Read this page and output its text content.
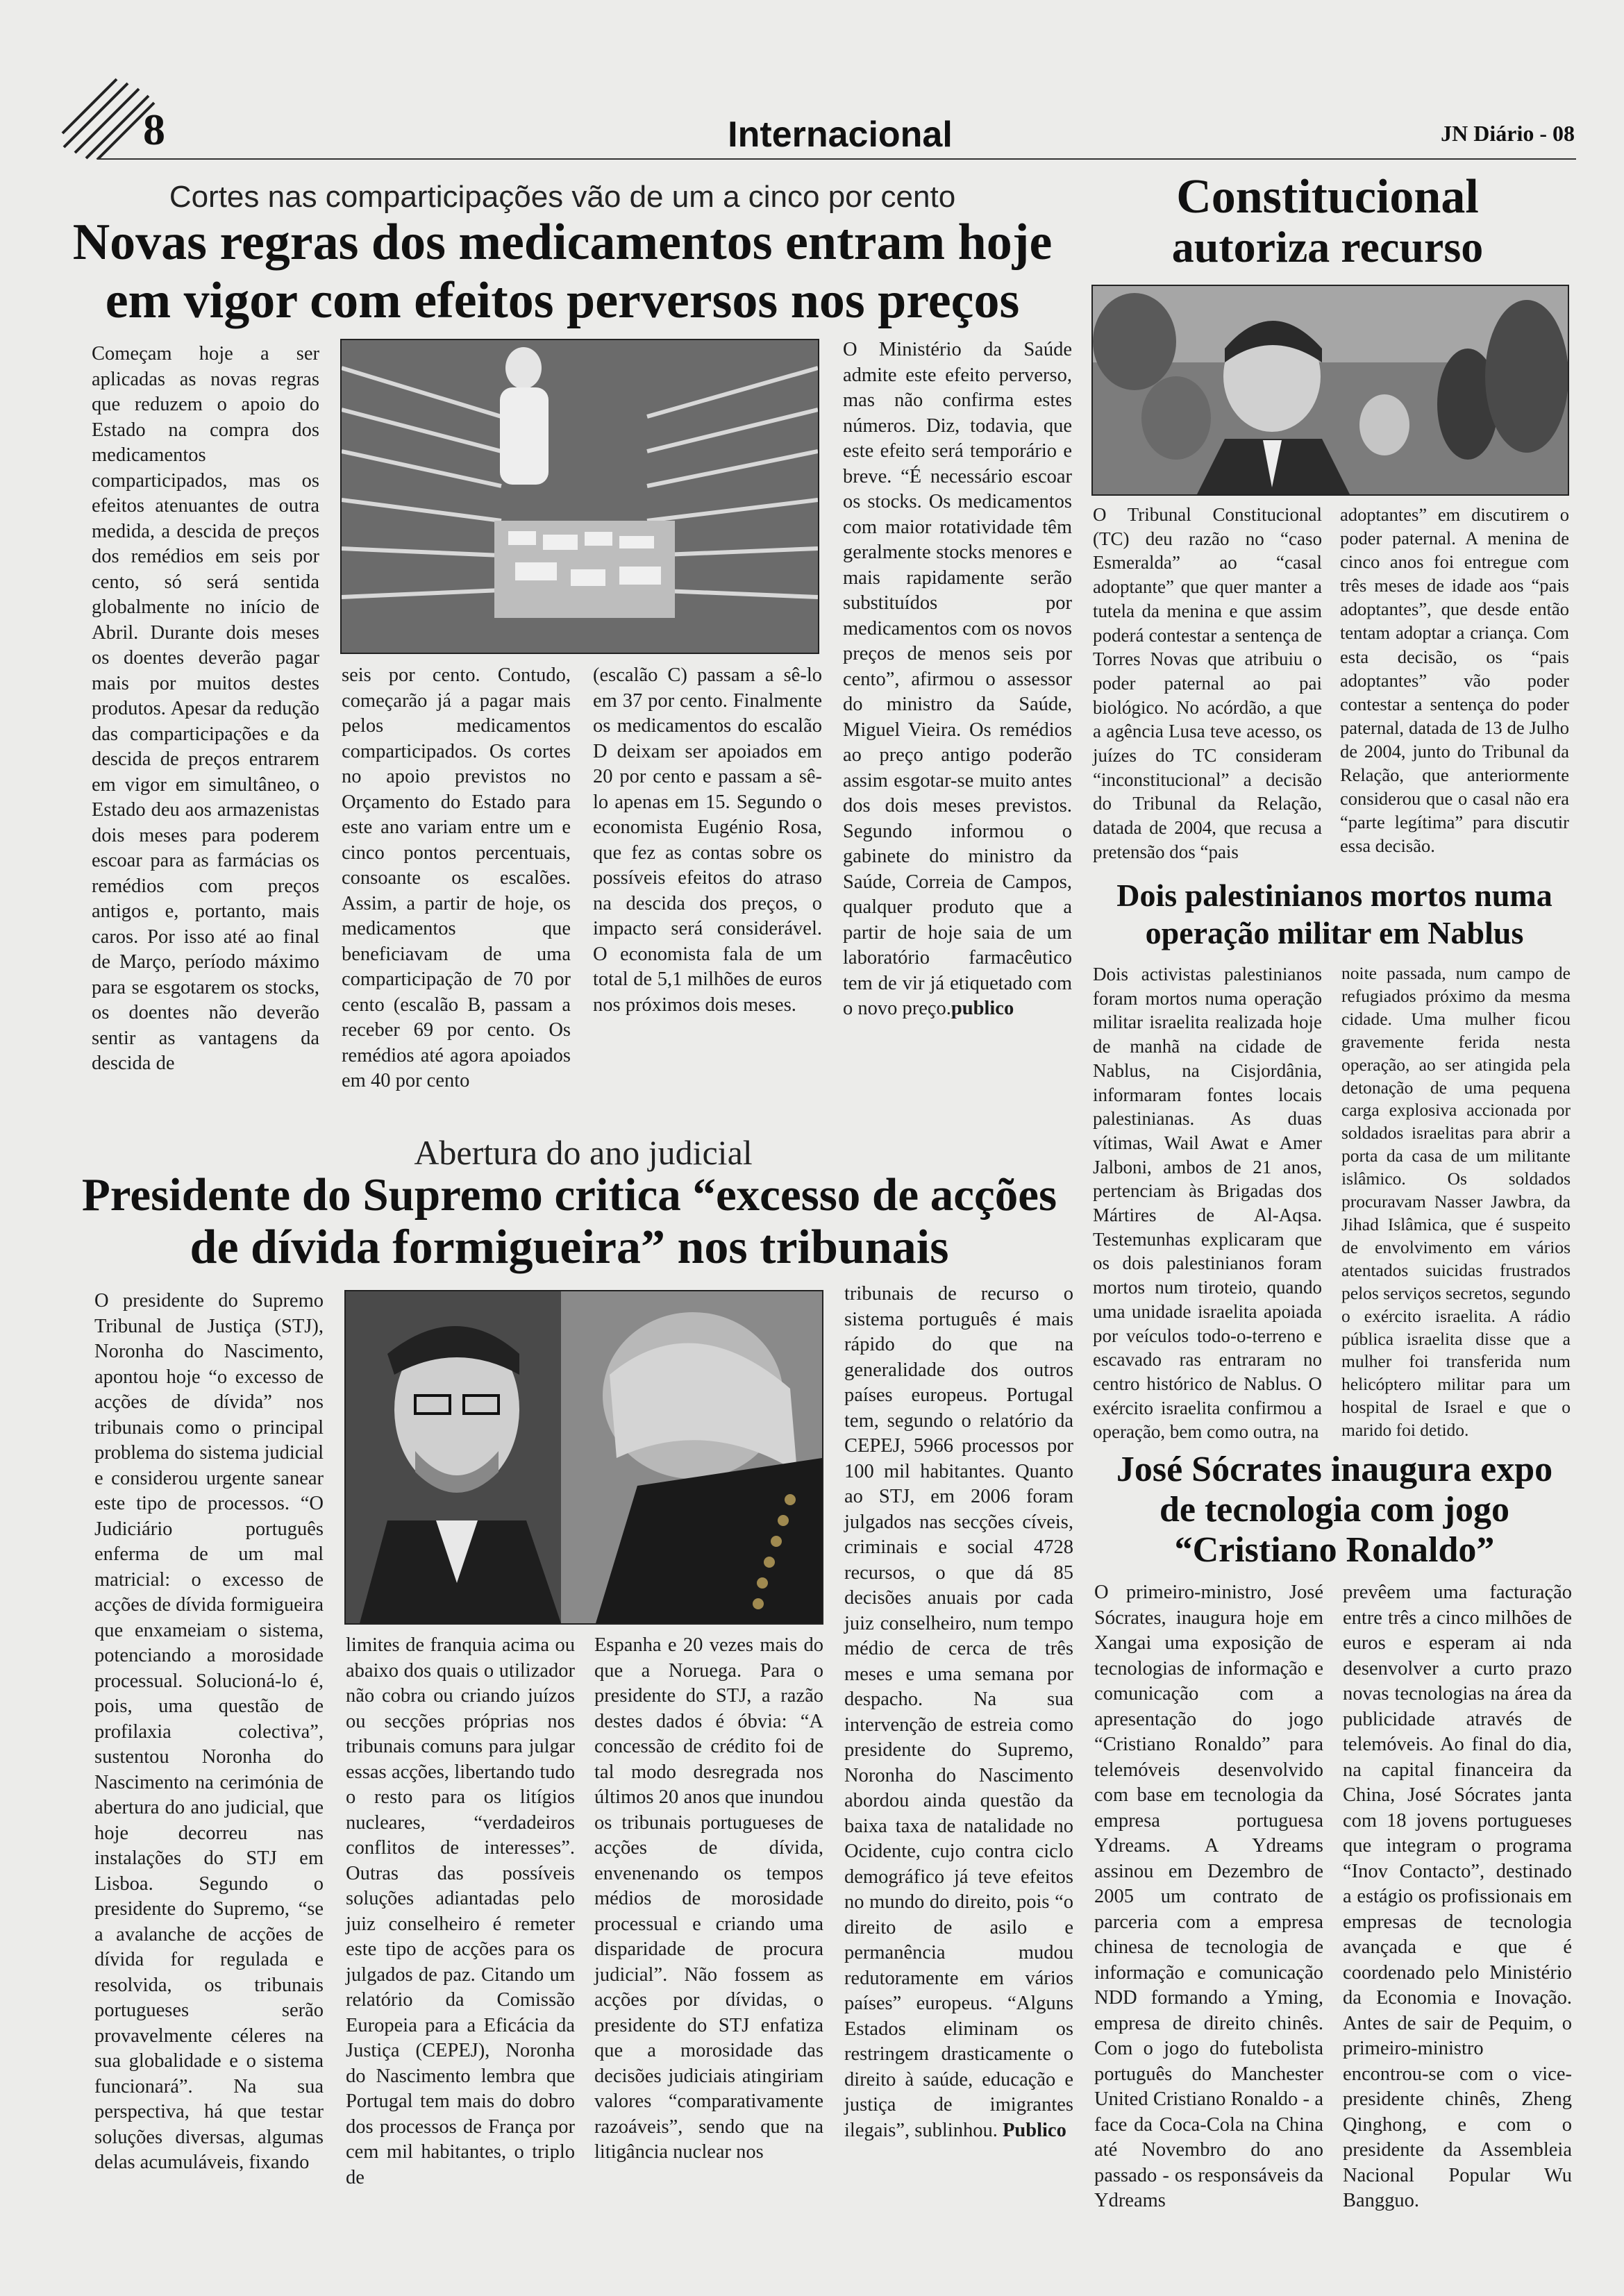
8	Internacional	JN Diário - 08
Cortes nas comparticipações vão de um a cinco por cento
Novas regras dos medicamentos entram hoje
em vigor com efeitos perversos nos preços
Começam hoje a ser aplicadas as novas regras que reduzem o apoio do Estado na compra dos medicamentos comparticipados, mas os efeitos atenuantes de outra medida, a descida de preços dos remédios em seis por cento, só será sentida globalmente no início de Abril. Durante dois meses os doentes deverão pagar mais por muitos destes produtos. Apesar da redução das comparticipações e da descida de preços entrarem em vigor em simultâneo, o Estado deu aos armazenistas dois meses para poderem escoar para as farmácias os remédios com preços antigos e, portanto, mais caros. Por isso até ao final de Março, período máximo para se esgotarem os stocks, os doentes não deverão sentir as vantagens da descida de
seis por cento. Contudo, começarão já a pagar mais pelos medicamentos comparticipados. Os cortes no apoio previstos no Orçamento do Estado para este ano variam entre um e cinco pontos percentuais, consoante os escalões. Assim, a partir de hoje, os medicamentos que beneficiavam de uma comparticipação de 70 por cento (escalão B, passam a receber 69 por cento. Os remédios até agora apoiados em 40 por cento
(escalão C) passam a sê-lo em 37 por cento. Finalmente os medicamentos do escalão D deixam ser apoiados em 20 por cento e passam a sê-lo apenas em 15. Segundo o economista Eugénio Rosa, que fez as contas sobre os possíveis efeitos do atraso na descida dos preços, o impacto será considerável. O economista fala de um total de 5,1 milhões de euros nos próximos dois meses.
O Ministério da Saúde admite este efeito perverso, mas não confirma estes números. Diz, todavia, que este efeito será temporário e breve. “É necessário escoar os stocks. Os medicamentos com maior rotatividade têm geralmente stocks menores e mais rapidamente serão substituídos por medicamentos com os novos preços de menos seis por cento”, afirmou o assessor do ministro da Saúde, Miguel Vieira. Os remédios ao preço antigo poderão assim esgotar-se muito antes dos dois meses previstos. Segundo informou o gabinete do ministro da Saúde, Correia de Campos, qualquer produto que a partir de hoje saia de um laboratório farmacêutico tem de vir já etiquetado com o novo preço.publico
Abertura do ano judicial
Presidente do Supremo critica “excesso de acções
de dívida formigueira” nos tribunais
O presidente do Supremo Tribunal de Justiça (STJ), Noronha do Nascimento, apontou hoje “o excesso de acções de dívida” nos tribunais como o principal problema do sistema judicial e considerou urgente sanear este tipo de processos. “O Judiciário português enferma de um mal matricial: o excesso de acções de dívida formigueira que enxameiam o sistema, potenciando a morosidade processual. Solucioná-lo é, pois, uma questão de profilaxia colectiva”, sustentou Noronha do Nascimento na cerimónia de abertura do ano judicial, que hoje decorreu nas instalações do STJ em Lisboa. Segundo o presidente do Supremo, “se a avalanche de acções de dívida for regulada e resolvida, os tribunais portugueses serão provavelmente céleres na sua globalidade e o sistema funcionará”. Na sua perspectiva, há que testar soluções diversas, algumas delas acumuláveis, fixando
limites de franquia acima ou abaixo dos quais o utilizador não cobra ou criando juízos ou secções próprias nos tribunais comuns para julgar essas acções, libertando tudo o resto para os litígios nucleares, “verdadeiros conflitos de interesses”. Outras das possíveis soluções adiantadas pelo juiz conselheiro é remeter este tipo de acções para os julgados de paz. Citando um relatório da Comissão Europeia para a Eficácia da Justiça (CEPEJ), Noronha do Nascimento lembra que Portugal tem mais do dobro dos processos de França por cem mil habitantes, o triplo de
Espanha e 20 vezes mais do que a Noruega. Para o presidente do STJ, a razão destes dados é óbvia: “A concessão de crédito foi de tal modo desregrada nos últimos 20 anos que inundou os tribunais portugueses de acções de dívida, envenenando os tempos médios de morosidade processual e criando uma disparidade de procura judicial”. Não fossem as acções por dívidas, o presidente do STJ enfatiza que a morosidade das decisões judiciais atingiriam valores “comparativamente razoáveis”, sendo que na litigância nuclear nos
tribunais de recurso o sistema português é mais rápido do que na generalidade dos outros países europeus. Portugal tem, segundo o relatório da CEPEJ, 5966 processos por 100 mil habitantes. Quanto ao STJ, em 2006 foram julgados nas secções cíveis, criminais e social 4728 recursos, o que dá 85 decisões anuais por cada juiz conselheiro, num tempo médio de cerca de três meses e uma semana por despacho. Na sua intervenção de estreia como presidente do Supremo, Noronha do Nascimento abordou ainda questão da baixa taxa de natalidade no Ocidente, cujo contra ciclo demográfico já teve efeitos no mundo do direito, pois “o direito de asilo e permanência mudou redutoramente em vários países” europeus. “Alguns Estados eliminam os restringem drasticamente o direito à saúde, educação e justiça de imigrantes ilegais”, sublinhou. Publico
Constitucional
autoriza recurso
O Tribunal Constitucional (TC) deu razão no “caso Esmeralda” ao “casal adoptante” que quer manter a tutela da menina e que assim poderá contestar a sentença de Torres Novas que atribuiu o poder paternal ao pai biológico. No acórdão, a que a agência Lusa teve acesso, os juízes do TC consideram “inconstitucional” a decisão do Tribunal da Relação, datada de 2004, que recusa a pretensão dos “pais
adoptantes” em discutirem o poder paternal. A menina de cinco anos foi entregue com três meses de idade aos “pais adoptantes”, que desde então tentam adoptar a criança. Com esta decisão, os “pais adoptantes” vão poder contestar a sentença do poder paternal, datada de 13 de Julho de 2004, junto do Tribunal da Relação, que anteriormente considerou que o casal não era “parte legítima” para discutir essa decisão.
Dois palestinianos mortos numa
operação militar em Nablus
Dois activistas palestinianos foram mortos numa operação militar israelita realizada hoje de manhã na cidade de Nablus, na Cisjordânia, informaram fontes locais palestinianas. As duas vítimas, Wail Awat e Amer Jalboni, ambos de 21 anos, pertenciam às Brigadas dos Mártires de Al-Aqsa. Testemunhas explicaram que os dois palestinianos foram mortos num tiroteio, quando uma unidade israelita apoiada por veículos todo-o-terreno e escavado ras entraram no centro histórico de Nablus. O exército israelita confirmou a operação, bem como outra, na
noite passada, num campo de refugiados próximo da mesma cidade. Uma mulher ficou gravemente ferida nesta operação, ao ser atingida pela detonação de uma pequena carga explosiva accionada por soldados israelitas para abrir a porta da casa de um militante islâmico. Os soldados procuravam Nasser Jawbra, da Jihad Islâmica, que é suspeito de envolvimento em vários atentados suicidas frustrados pelos serviços secretos, segundo o exército israelita. A rádio pública israelita disse que a mulher foi transferida num helicóptero militar para um hospital de Israel e que o marido foi detido.
José Sócrates inaugura expo
de tecnologia com jogo
“Cristiano Ronaldo”
O primeiro-ministro, José Sócrates, inaugura hoje em Xangai uma exposição de tecnologias de informação e comunicação com a apresentação do jogo “Cristiano Ronaldo” para telemóveis desenvolvido com base em tecnologia da empresa portuguesa Ydreams. A Ydreams assinou em Dezembro de 2005 um contrato de parceria com a empresa chinesa de tecnologia de informação e comunicação NDD formando a Yming, empresa de direito chinês. Com o jogo do futebolista português do Manchester United Cristiano Ronaldo - a face da Coca-Cola na China até Novembro do ano passado - os responsáveis da Ydreams
prevêem uma facturação entre três a cinco milhões de euros e esperam ai nda desenvolver a curto prazo novas tecnologias na área da publicidade através de telemóveis. Ao final do dia, na capital financeira da China, José Sócrates janta com 18 jovens portugueses que integram o programa “Inov Contacto”, destinado a estágio os profissionais em empresas de tecnologia avançada e que é coordenado pelo Ministério da Economia e Inovação. Antes de sair de Pequim, o primeiro-ministro encontrou-se com o vice-presidente chinês, Zheng Qinghong, e com o presidente da Assembleia Nacional Popular Wu Bangguo.
